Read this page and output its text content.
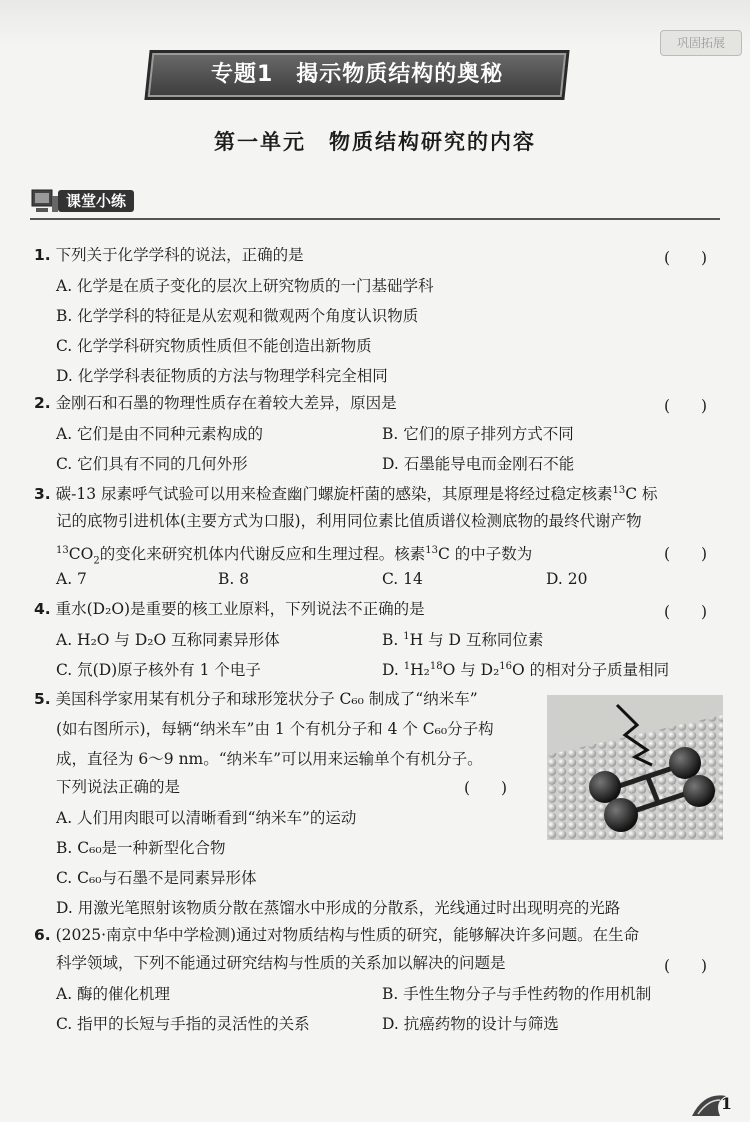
巩固拓展
专题1　揭示物质结构的奥秘
第一单元　物质结构研究的内容
课堂小练
1. 下列关于化学学科的说法，正确的是	(　　)
A. 化学是在质子变化的层次上研究物质的一门基础学科
B. 化学学科的特征是从宏观和微观两个角度认识物质
C. 化学学科研究物质性质但不能创造出新物质
D. 化学学科表征物质的方法与物理学科完全相同
2. 金刚石和石墨的物理性质存在着较大差异，原因是	(　　)
A. 它们是由不同种元素构成的	B. 它们的原子排列方式不同
C. 它们具有不同的几何外形	D. 石墨能导电而金刚石不能
3. 碳-13 尿素呼气试验可以用来检查幽门螺旋杆菌的感染，其原理是将经过稳定核素$^{13}$C 标
记的底物引进机体(主要方式为口服)，利用同位素比值质谱仪检测底物的最终代谢产物
$^{13}CO_2$的变化来研究机体内代谢反应和生理过程。核素$^{13}$C 的中子数为	(　　)
A. 7	B. 8	C. 14	D. 20
4. 重水(D₂O)是重要的核工业原料，下列说法不正确的是	(　　)
A. H₂O 与 D₂O 互称同素异形体	B. $^1$H 与 D 互称同位素
C. 氘(D)原子核外有 1 个电子	D. $^1$H₂$^{18}$O 与 D₂$^{16}$O 的相对分子质量相同
5. 美国科学家用某有机分子和球形笼状分子 C₆₀ 制成了“纳米车”
(如右图所示)，每辆“纳米车”由 1 个有机分子和 4 个 C₆₀分子构
成，直径为 6～9 nm。“纳米车”可以用来运输单个有机分子。
下列说法正确的是	(　　)
A. 人们用肉眼可以清晰看到“纳米车”的运动
B. C₆₀是一种新型化合物
C. C₆₀与石墨不是同素异形体
D. 用激光笔照射该物质分散在蒸馏水中形成的分散系，光线通过时出现明亮的光路
6. (2025·南京中华中学检测)通过对物质结构与性质的研究，能够解决许多问题。在生命
科学领域，下列不能通过研究结构与性质的关系加以解决的问题是	(　　)
A. 酶的催化机理	B. 手性生物分子与手性药物的作用机制
C. 指甲的长短与手指的灵活性的关系	D. 抗癌药物的设计与筛选
1
